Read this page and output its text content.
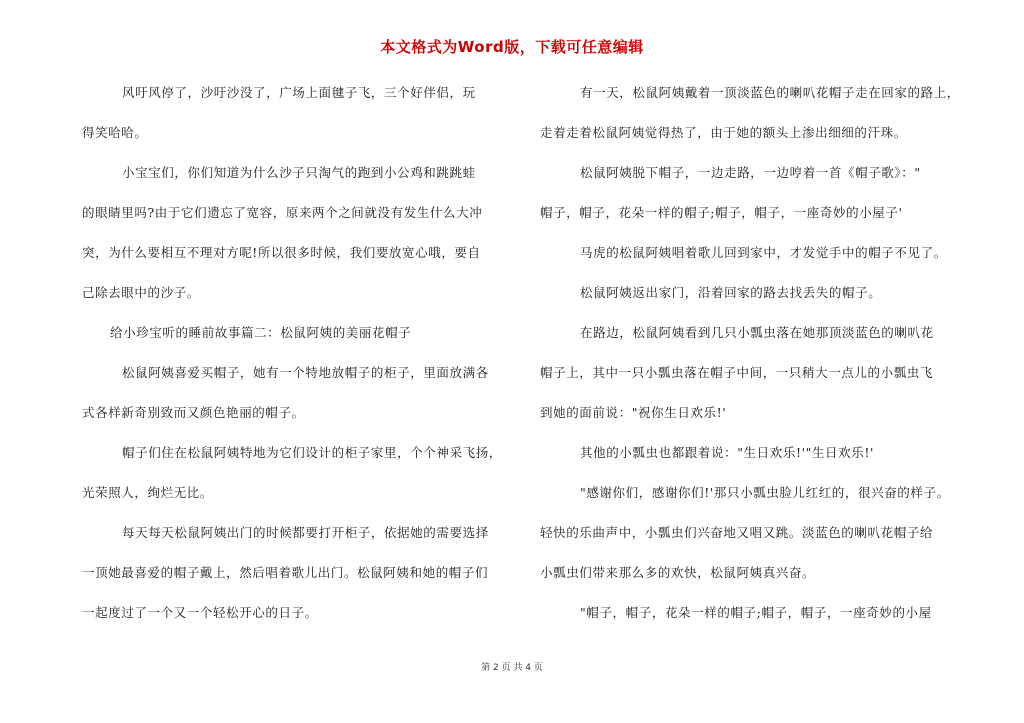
本文格式为Word版，下载可任意编辑
风吁风停了，沙吁沙没了，广场上面毽子飞，三个好伴侣，玩
得笑哈哈。
小宝宝们，你们知道为什么沙子只淘气的跑到小公鸡和跳跳蛙
的眼睛里吗?由于它们遗忘了宽容，原来两个之间就没有发生什么大冲
突，为什么要相互不理对方呢!所以很多时候，我们要放宽心哦，要自
己除去眼中的沙子。
给小珍宝听的睡前故事篇二：松鼠阿姨的美丽花帽子
松鼠阿姨喜爱买帽子，她有一个特地放帽子的柜子，里面放满各
式各样新奇别致而又颜色艳丽的帽子。
帽子们住在松鼠阿姨特地为它们设计的柜子家里，个个神采飞扬，
光荣照人，绚烂无比。
每天每天松鼠阿姨出门的时候都要打开柜子，依据她的需要选择
一顶她最喜爱的帽子戴上，然后唱着歌儿出门。松鼠阿姨和她的帽子们
一起度过了一个又一个轻松开心的日子。
有一天，松鼠阿姨戴着一顶淡蓝色的喇叭花帽子走在回家的路上，
走着走着松鼠阿姨觉得热了，由于她的额头上渗出细细的汗珠。
松鼠阿姨脱下帽子，一边走路，一边哼着一首《帽子歌》："
帽子，帽子，花朵一样的帽子;帽子，帽子，一座奇妙的小屋子'
马虎的松鼠阿姨唱着歌儿回到家中，才发觉手中的帽子不见了。
松鼠阿姨返出家门，沿着回家的路去找丢失的帽子。
在路边，松鼠阿姨看到几只小瓢虫落在她那顶淡蓝色的喇叭花
帽子上，其中一只小瓢虫落在帽子中间，一只稍大一点儿的小瓢虫飞
到她的面前说："祝你生日欢乐!'
其他的小瓢虫也都跟着说："生日欢乐!'"生日欢乐!'
"感谢你们，感谢你们!'那只小瓢虫脸儿红红的，很兴奋的样子。
轻快的乐曲声中，小瓢虫们兴奋地又唱又跳。淡蓝色的喇叭花帽子给
小瓢虫们带来那么多的欢快，松鼠阿姨真兴奋。
"帽子，帽子，花朵一样的帽子;帽子，帽子，一座奇妙的小屋
第 2 页 共 4 页
